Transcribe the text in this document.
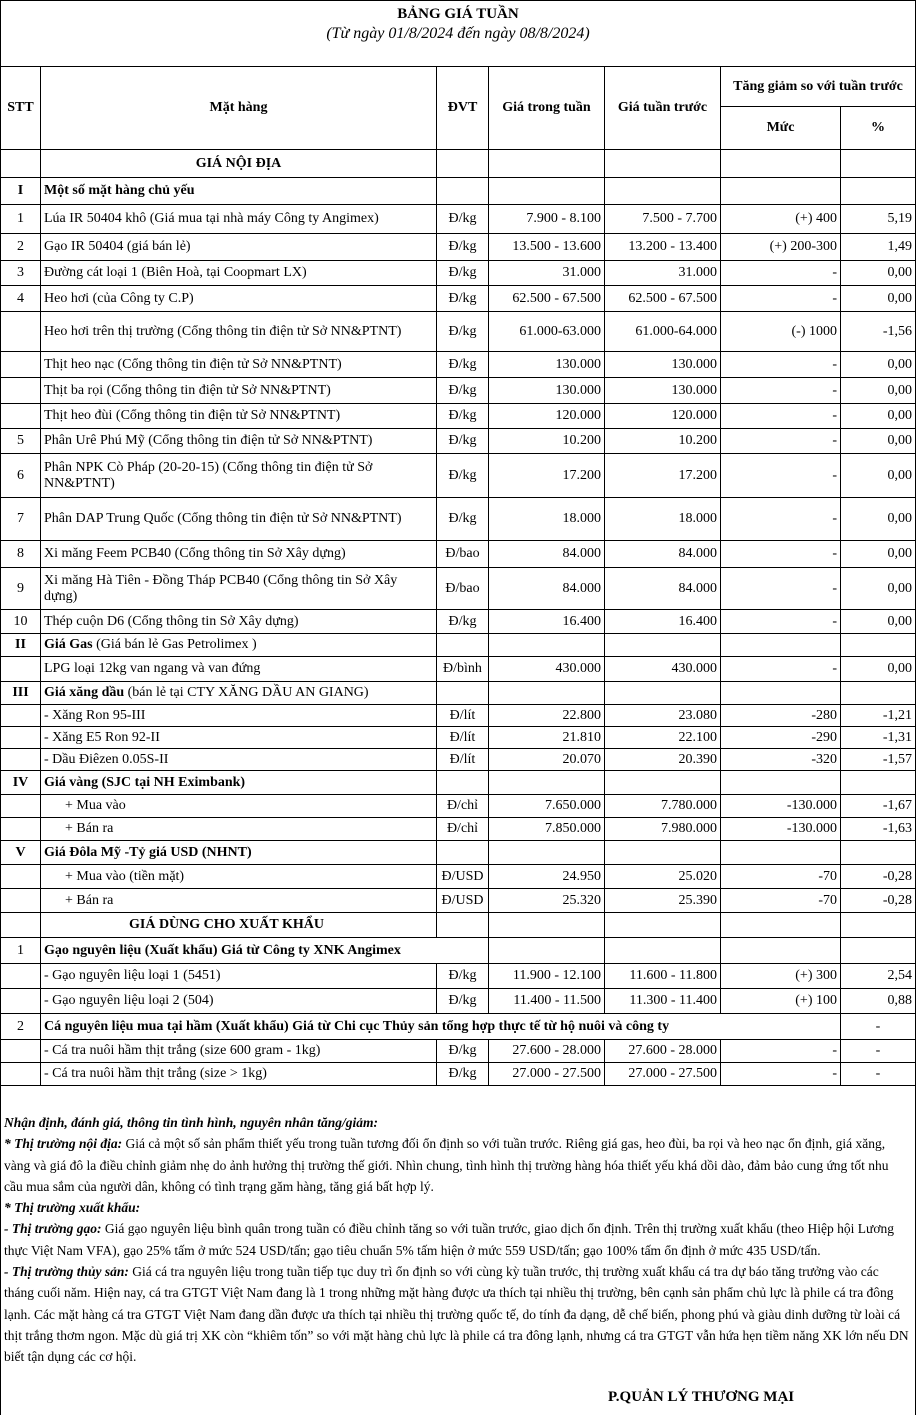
BẢNG GIÁ TUẦN
(Từ ngày 01/8/2024 đến ngày 08/8/2024)
STT	Mặt hàng	ĐVT	Giá trong tuần	Giá tuần trước	Tăng giảm so với tuần trước	
					Mức	%
	GIÁ NỘI ĐỊA					
I	Một số mặt hàng chủ yếu					
1	Lúa IR 50404 khô (Giá mua tại nhà máy Công ty Angimex)	Đ/kg	7.900 - 8.100	7.500 - 7.700	(+) 400	5,19
2	Gạo IR 50404 (giá bán lẻ)	Đ/kg	13.500 - 13.600	13.200 - 13.400	(+) 200-300	1,49
3	Đường cát loại 1 (Biên Hoà, tại Coopmart LX)	Đ/kg	31.000	31.000	-	0,00
4	Heo hơi (của Công ty C.P)	Đ/kg	62.500 - 67.500	62.500 - 67.500	-	0,00
	Heo hơi trên thị trường (Cổng thông tin điện tử Sở NN&PTNT)	Đ/kg	61.000-63.000	61.000-64.000	(-) 1000	-1,56
	Thịt heo nạc (Cổng thông tin điện tử Sở NN&PTNT)	Đ/kg	130.000	130.000	-	0,00
	Thịt ba rọi (Cổng thông tin điện tử Sở NN&PTNT)	Đ/kg	130.000	130.000	-	0,00
	Thịt heo đùi (Cổng thông tin điện tử Sở NN&PTNT)	Đ/kg	120.000	120.000	-	0,00
5	Phân Urê Phú Mỹ (Cổng thông tin điện tử Sở NN&PTNT)	Đ/kg	10.200	10.200	-	0,00
6	Phân NPK Cò Pháp (20-20-15) (Cổng thông tin điện tử Sở NN&PTNT)	Đ/kg	17.200	17.200	-	0,00
7	Phân DAP Trung Quốc (Cổng thông tin điện tử Sở NN&PTNT)	Đ/kg	18.000	18.000	-	0,00
8	Xi măng Feem PCB40 (Cổng thông tin Sở Xây dựng)	Đ/bao	84.000	84.000	-	0,00
9	Xi măng Hà Tiên - Đồng Tháp PCB40 (Cổng thông tin Sở Xây dựng)	Đ/bao	84.000	84.000	-	0,00
10	Thép cuộn D6 (Cổng thông tin Sở Xây dựng)	Đ/kg	16.400	16.400	-	0,00
II	Giá Gas (Giá bán lẻ Gas Petrolimex )					
	LPG loại 12kg van ngang và van đứng	Đ/bình	430.000	430.000	-	0,00
III	Giá xăng dầu (bán lẻ tại CTY XĂNG DẦU AN GIANG)					
	- Xăng Ron 95-III	Đ/lít	22.800	23.080	-280	-1,21
	- Xăng E5 Ron 92-II	Đ/lít	21.810	22.100	-290	-1,31
	- Dầu Điêzen 0.05S-II	Đ/lít	20.070	20.390	-320	-1,57
IV	Giá vàng (SJC tại NH Eximbank)					
	+ Mua vào	Đ/chỉ	7.650.000	7.780.000	-130.000	-1,67
	+ Bán ra	Đ/chỉ	7.850.000	7.980.000	-130.000	-1,63
V	Giá Đôla Mỹ -Tỷ giá USD (NHNT)					
	+ Mua vào (tiền mặt)	Đ/USD	24.950	25.020	-70	-0,28
	+ Bán ra	Đ/USD	25.320	25.390	-70	-0,28
	GIÁ DÙNG CHO XUẤT KHẨU					
1	Gạo nguyên liệu (Xuất khẩu) Giá từ Công ty XNK Angimex					
	- Gạo nguyên liệu loại 1 (5451)	Đ/kg	11.900 - 12.100	11.600 - 11.800	(+) 300	2,54
	- Gạo nguyên liệu loại 2 (504)	Đ/kg	11.400 - 11.500	11.300 - 11.400	(+) 100	0,88
2	Cá nguyên liệu mua tại hầm (Xuất khẩu) Giá từ Chi cục Thủy sản tổng hợp thực tế từ hộ nuôi và công ty					-
	- Cá tra nuôi hầm thịt trắng (size 600 gram - 1kg)	Đ/kg	27.600 - 28.000	27.600 - 28.000	-	-
	- Cá tra nuôi hầm thịt trắng (size > 1kg)	Đ/kg	27.000 - 27.500	27.000 - 27.500	-	-

Nhận định, đánh giá, thông tin tình hình, nguyên nhân tăng/giảm:

* Thị trường nội địa: Giá cả một số sản phẩm thiết yếu trong tuần tương đối ổn định so với tuần trước. Riêng giá gas, heo đùi, ba rọi và heo nạc ổn định, giá xăng, vàng và giá đô la điều chỉnh giảm nhẹ do ảnh hưởng thị trường thế giới. Nhìn chung, tình hình thị trường hàng hóa thiết yếu khá dồi dào, đảm bảo cung ứng tốt nhu cầu mua sắm của người dân, không có tình trạng găm hàng, tăng giá bất hợp lý.

* Thị trường xuất khẩu:

- Thị trường gạo: Giá gạo nguyên liệu bình quân trong tuần có điều chỉnh tăng so với tuần trước, giao dịch ổn định. Trên thị trường xuất khẩu (theo Hiệp hội Lương thực Việt Nam VFA), gạo 25% tấm ở mức 524 USD/tấn; gạo tiêu chuẩn 5% tấm hiện ở mức 559 USD/tấn; gạo 100% tấm ổn định ở mức 435 USD/tấn.

- Thị trường thủy sản: Giá cá tra nguyên liệu trong tuần tiếp tục duy trì ổn định so với cùng kỳ tuần trước, thị trường xuất khẩu cá tra dự báo tăng trưởng vào các tháng cuối năm. Hiện nay, cá tra GTGT Việt Nam đang là 1 trong những mặt hàng được ưa thích tại nhiều thị trường, bên cạnh sản phẩm chủ lực là phile cá tra đông lạnh. Các mặt hàng cá tra GTGT Việt Nam đang dần được ưa thích tại nhiều thị trường quốc tế, do tính đa dạng, dễ chế biến, phong phú và giàu dinh dưỡng từ loài cá thịt trắng thơm ngon. Mặc dù giá trị XK còn “khiêm tốn” so với mặt hàng chủ lực là phile cá tra đông lạnh, nhưng cá tra GTGT vẫn hứa hẹn tiềm năng XK lớn nếu DN biết tận dụng các cơ hội.

P.QUẢN LÝ THƯƠNG MẠI
